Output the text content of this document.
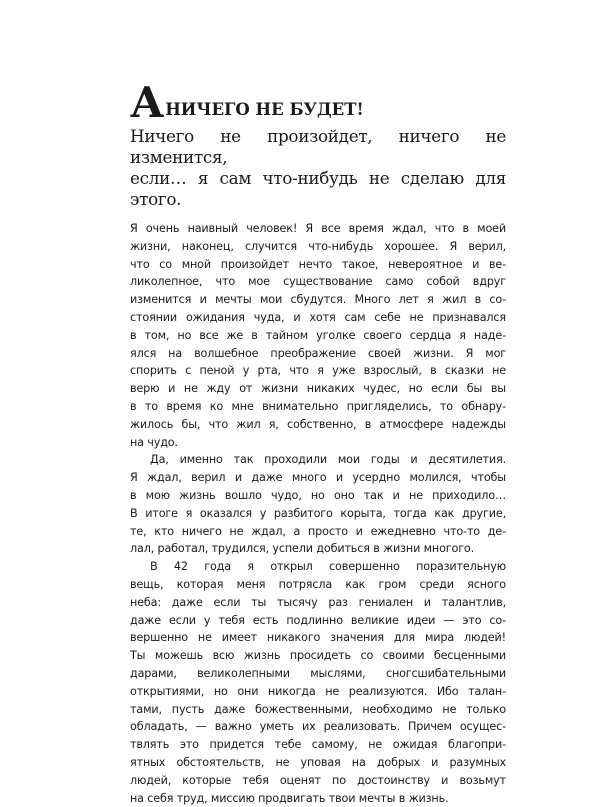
А НИЧЕГО НЕ БУДЕТ!
Ничего не произойдет, ничего не изменится,
если… я сам что-нибудь не сделаю для этого.
Я очень наивный человек! Я все время ждал, что в моей
жизни, наконец, случится что-нибудь хорошее. Я верил,
что со мной произойдет нечто такое, невероятное и ве-
ликолепное, что мое существование само собой вдруг
изменится и мечты мои сбудутся. Много лет я жил в со-
стоянии ожидания чуда, и хотя сам себе не признавался
в том, но все же в тайном уголке своего сердца я наде-
ялся на волшебное преображение своей жизни. Я мог
спорить с пеной у рта, что я уже взрослый, в сказки не
верю и не жду от жизни никаких чудес, но если бы вы
в то время ко мне внимательно пригляделись, то обнару-
жилось бы, что жил я, собственно, в атмосфере надежды
на чудо.
Да, именно так проходили мои годы и десятилетия.
Я ждал, верил и даже много и усердно молился, чтобы
в мою жизнь вошло чудо, но оно так и не приходило…
В итоге я оказался у разбитого корыта, тогда как другие,
те, кто ничего не ждал, а просто и ежедневно что-то де-
лал, работал, трудился, успели добиться в жизни многого.
В 42 года я открыл совершенно поразительную
вещь, которая меня потрясла как гром среди ясного
неба: даже если ты тысячу раз гениален и талантлив,
даже если у тебя есть подлинно великие идеи — это со-
вершенно не имеет никакого значения для мира людей!
Ты можешь всю жизнь просидеть со своими бесценными
дарами, великолепными мыслями, сногсшибательными
открытиями, но они никогда не реализуются. Ибо талан-
тами, пусть даже божественными, необходимо не только
обладать, — важно уметь их реализовать. Причем осущес-
твлять это придется тебе самому, не ожидая благопри-
ятных обстоятельств, не уповая на добрых и разумных
людей, которые тебя оценят по достоинству и возьмут
на себя труд, миссию продвигать твои мечты в жизнь.
